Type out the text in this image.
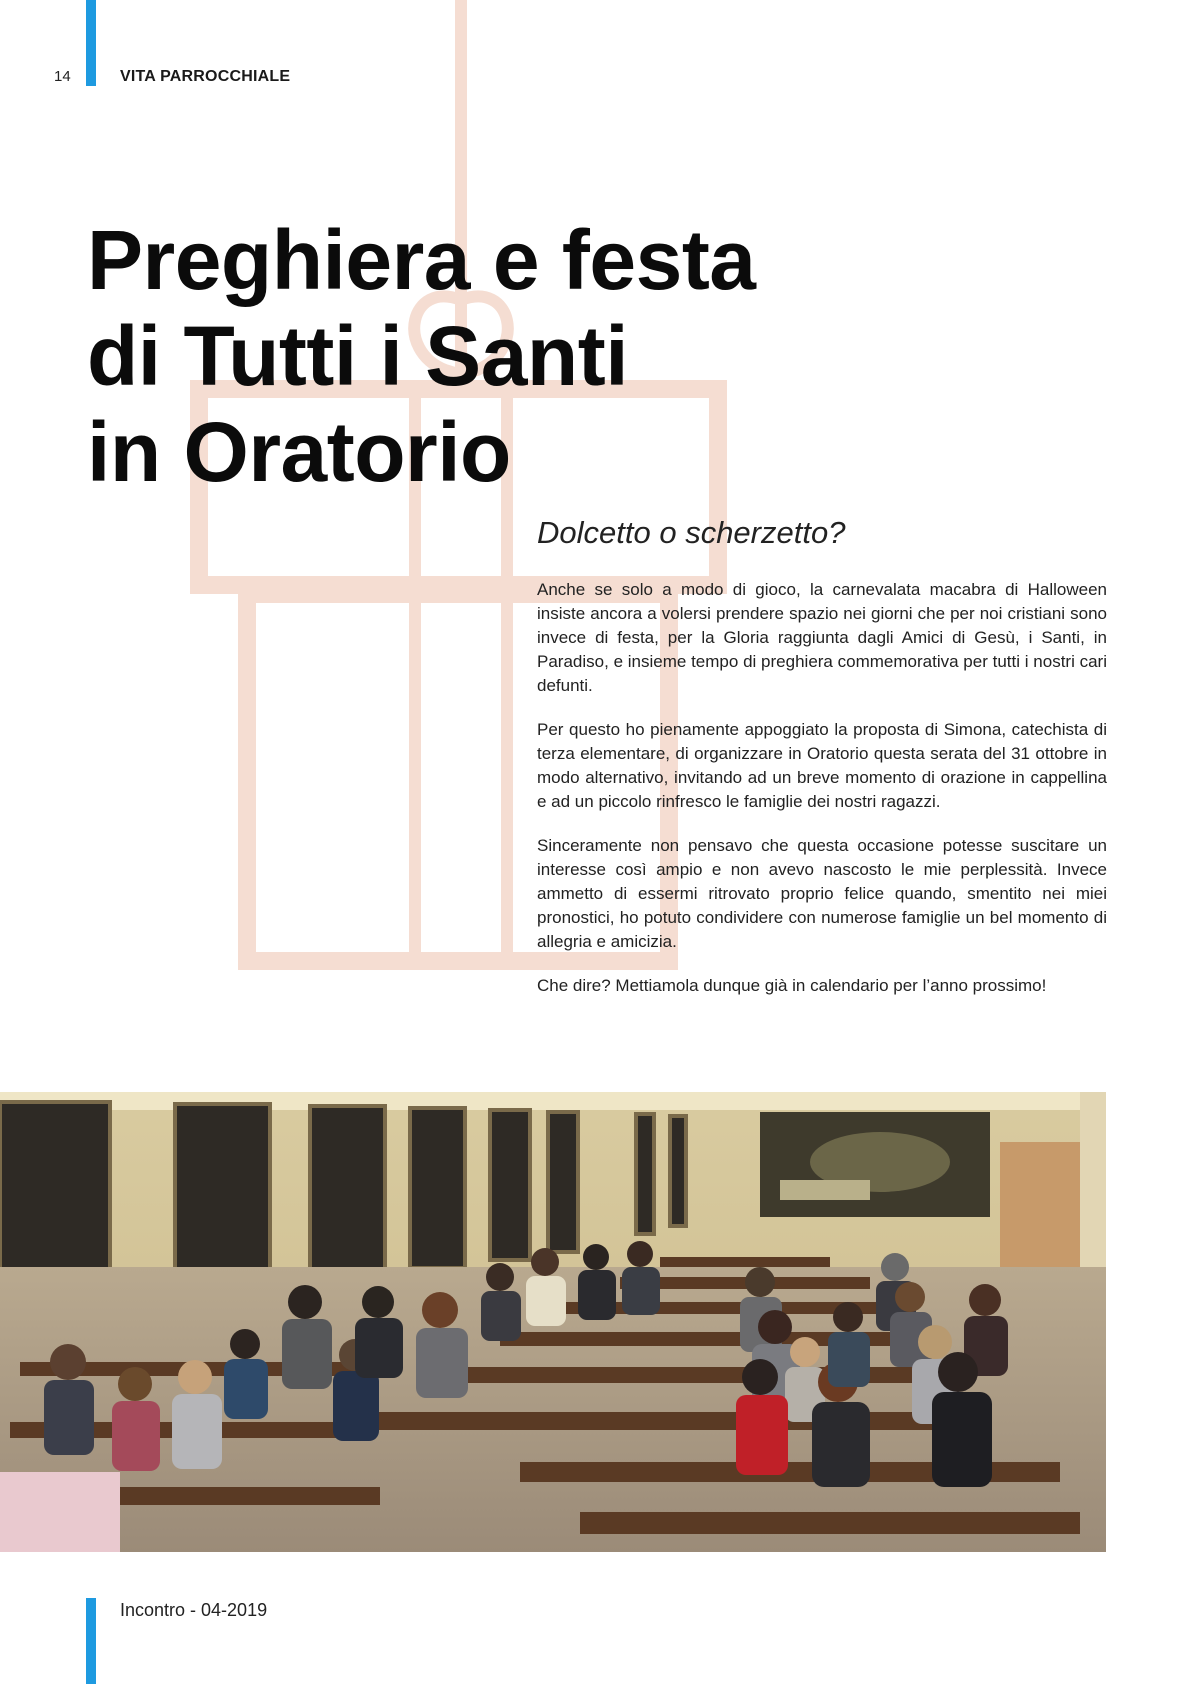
14	VITA PARROCCHIALE
Preghiera e festa
di Tutti i Santi
in Oratorio
Dolcetto o scherzetto?

Anche se solo a modo di gioco, la carnevalata macabra di Halloween insiste ancora a volersi prendere spazio nei giorni che per noi cristiani sono invece di festa, per la Gloria raggiunta dagli Amici di Gesù, i Santi, in Paradiso, e insieme tempo di preghiera commemorativa per tutti i nostri cari defunti.

Per questo ho pienamente appoggiato la proposta di Simona, catechista di terza elementare, di organizzare in Oratorio questa serata del 31 ottobre in modo alternativo, invitando ad un breve momento di orazione in cappellina e ad un piccolo rinfresco le famiglie dei nostri ragazzi.

Sinceramente non pensavo che questa occasione potesse suscitare un interesse così ampio e non avevo nascosto le mie perplessità. Invece ammetto di essermi ritrovato proprio felice quando, smentito nei miei pronostici, ho potuto condividere con numerose famiglie un bel momento di allegria e amicizia.

Che dire? Mettiamola dunque già in calendario per l’anno prossimo!

Incontro - 04-2019
